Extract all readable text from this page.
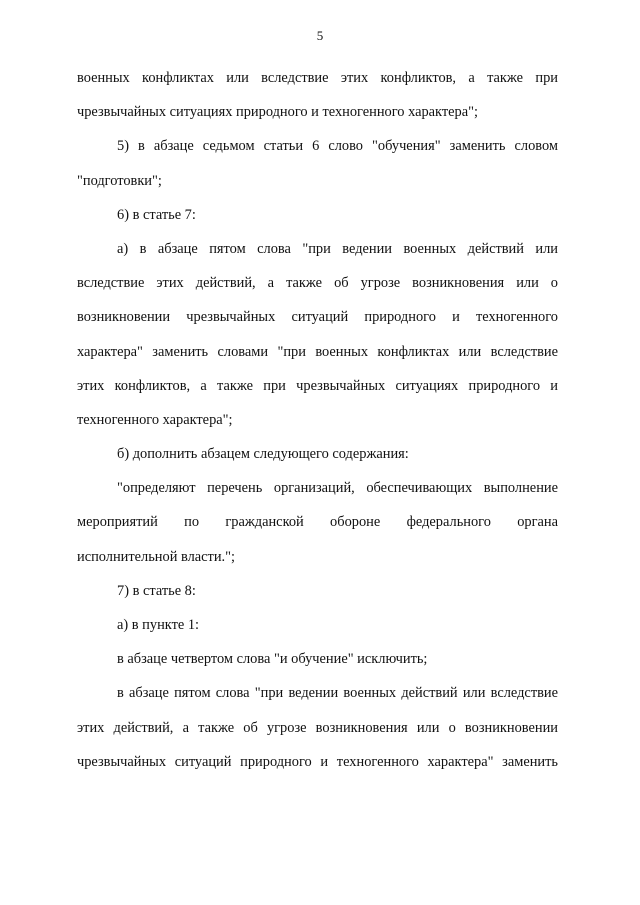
5
военных конфликтах или вследствие этих конфликтов, а также при
чрезвычайных ситуациях природного и техногенного характера";
5) в абзаце седьмом статьи 6 слово "обучения" заменить словом
"подготовки";
6) в статье 7:
а) в абзаце пятом слова "при ведении военных действий или
вследствие этих действий, а также об угрозе возникновения или о
возникновении чрезвычайных ситуаций природного и техногенного
характера" заменить словами "при военных конфликтах или вследствие
этих конфликтов, а также при чрезвычайных ситуациях природного и
техногенного характера";
б) дополнить абзацем следующего содержания:
"определяют перечень организаций, обеспечивающих выполнение
мероприятий по гражданской обороне федерального органа
исполнительной власти.";
7) в статье 8:
а) в пункте 1:
в абзаце четвертом слова "и обучение" исключить;
в абзаце пятом слова "при ведении военных действий или вследствие
этих действий, а также об угрозе возникновения или о возникновении
чрезвычайных ситуаций природного и техногенного характера" заменить
